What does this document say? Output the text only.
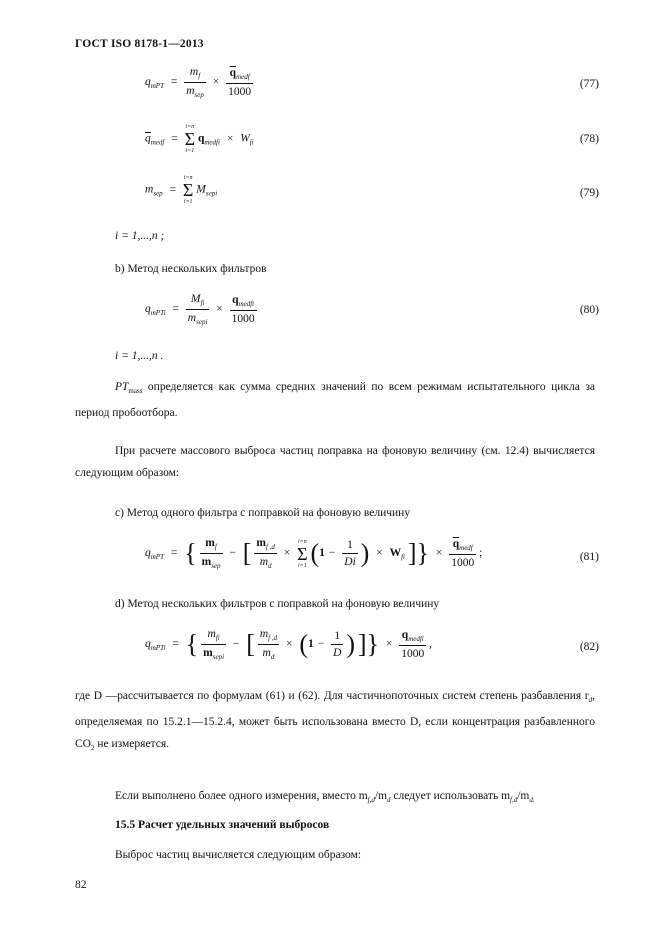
ГОСТ ISO 8178-1—2013
$q_{mPT} = \frac{m_f}{m_{sep}} \times \frac{\overline{q}_{medf}}{1000}$	(77)
$\overline{q}_{medf}$ =
i=n
Σ
i=1
$q_{medfi} \times W_{fi}$	(78)
$m_{sep}$ =
i=n
Σ
i=1
$M_{sepi}$	(79)
i = 1,...,n ;
b) Метод нескольких фильтров
$q_{mPTi} = \frac{M_{fi}}{m_{sepi}} \times \frac{q_{medfi}}{1000}$	(80)
i = 1,...,n .
$PT_{mass}$ определяется как сумма средних значений по всем режимам испытательного цикла за период пробоотбора.
При расчете массового выброса частиц поправка на фоновую величину (см. 12.4) вычисляется следующим образом:
c) Метод одного фильтра с поправкой на фоновую величину
$q_{mPT}$ = { $\frac{m_f}{m_{sep}}$ − [ $\frac{m_{f ,d}}{m_d}$ ×
i=n
Σ
i=1 ($1 - \frac{1}{Di}$ ) × $W_{fi}$ ]} × $\frac{\overline{q}_{medf}}{1000}$ ;	(81)
d) Метод нескольких фильтров с поправкой на фоновую величину
$q_{mPTi}$ = { $\frac{m_{fi}}{m_{sepi}}$ − [ $\frac{m_{f ,d}}{m_d} \times (1 - \frac{1}{D}$ ) ]} × $\frac{q_{medfi}}{1000}$ ,	(82)
где D —рассчитывается по формулам (61) и (62). Для частичнопоточных систем степень разбавления $r_d$, определяемая по 15.2.1—15.2.4, может быть использована вместо D, если концентрация разбавленного $CO_2$ не измеряется.
Если выполнено более одного измерения, вместо $m_{f,d}/m_d$ следует использовать $m_{f,d}/m_{d.}$
15.5 Расчет удельных значений выбросов
Выброс частиц вычисляется следующим образом:
82
